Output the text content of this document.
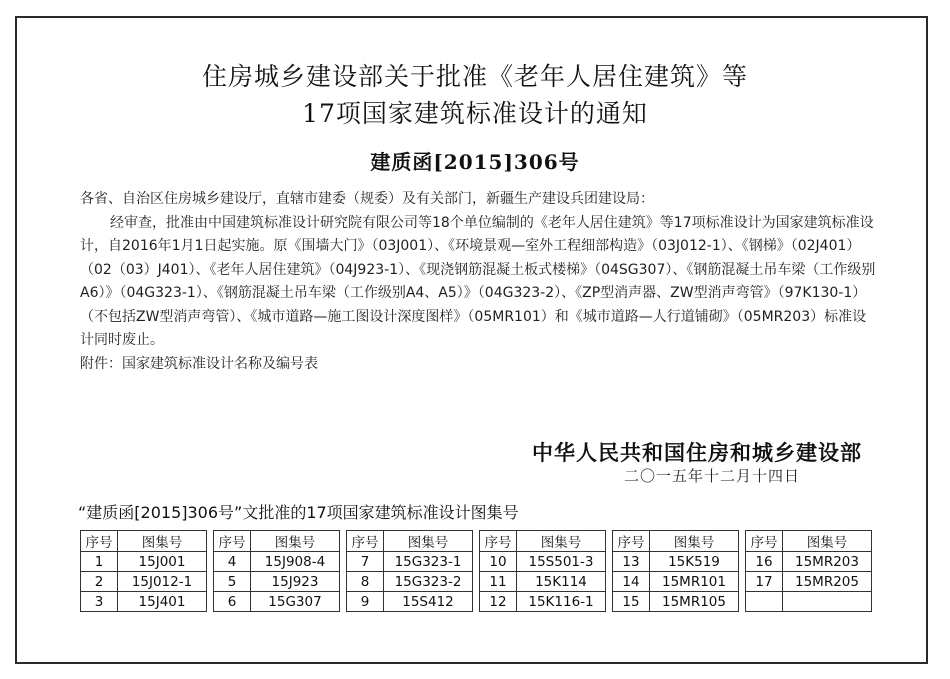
住房城乡建设部关于批准《老年人居住建筑》等
17项国家建筑标准设计的通知
建质函[2015]306号

各省、自治区住房城乡建设厅，直辖市建委（规委）及有关部门，新疆生产建设兵团建设局：

经审查，批准由中国建筑标准设计研究院有限公司等18个单位编制的《老年人居住建筑》等17项标准设计为国家建筑标准设计，自2016年1月1日起实施。原《围墙大门》（03J001）、《环境景观—室外工程细部构造》（03J012-1）、《钢梯》（02J401）（02（03）J401）、《老年人居住建筑》（04J923-1）、《现浇钢筋混凝土板式楼梯》（04SG307）、《钢筋混凝土吊车梁（工作级别A6）》（04G323-1）、《钢筋混凝土吊车梁（工作级别A4、A5）》（04G323-2）、《ZP型消声器、ZW型消声弯管》（97K130-1）（不包括ZW型消声弯管）、《城市道路—施工图设计深度图样》（05MR101）和《城市道路—人行道铺砌》（05MR203）标准设计同时废止。

附件：国家建筑标准设计名称及编号表

中华人民共和国住房和城乡建设部
二〇一五年十二月十四日
“建质函[2015]306号”文批准的17项国家建筑标准设计图集号
序号	图集号		序号	图集号		序号	图集号		序号	图集号		序号	图集号		序号	图集号
1	15J001		4	15J908-4		7	15G323-1		10	15S501-3		13	15K519		16	15MR203
2	15J012-1		5	15J923		8	15G323-2		11	15K114		14	15MR101		17	15MR205
3	15J401		6	15G307		9	15S412		12	15K116-1		15	15MR105			
